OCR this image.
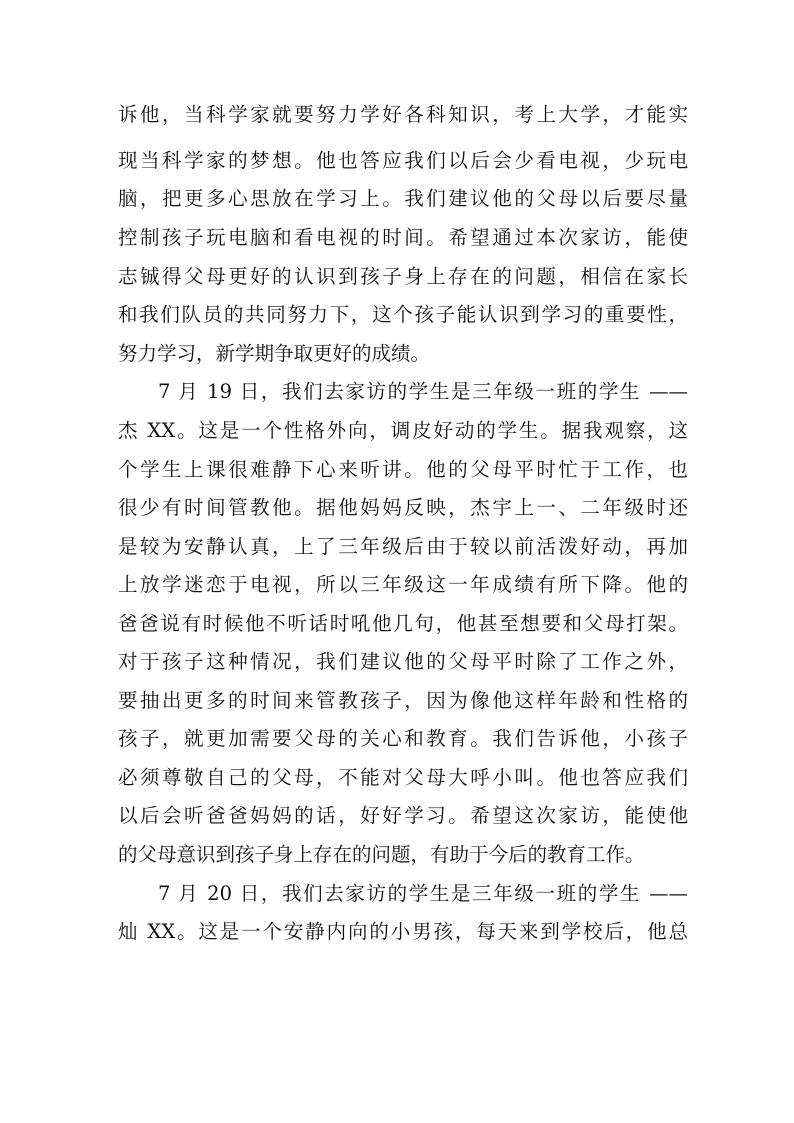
诉他，当科学家就要努力学好各科知识，考上大学，才能实
现当科学家的梦想。他也答应我们以后会少看电视，少玩电
脑，把更多心思放在学习上。我们建议他的父母以后要尽量
控制孩子玩电脑和看电视的时间。希望通过本次家访，能使
志铖得父母更好的认识到孩子身上存在的问题，相信在家长
和我们队员的共同努力下，这个孩子能认识到学习的重要性，
努力学习，新学期争取更好的成绩。
7 月 19 日，我们去家访的学生是三年级一班的学生 ——
杰 XX。这是一个性格外向，调皮好动的学生。据我观察，这
个学生上课很难静下心来听讲。他的父母平时忙于工作，也
很少有时间管教他。据他妈妈反映，杰宇上一、二年级时还
是较为安静认真，上了三年级后由于较以前活泼好动，再加
上放学迷恋于电视，所以三年级这一年成绩有所下降。他的
爸爸说有时候他不听话时吼他几句，他甚至想要和父母打架。
对于孩子这种情况，我们建议他的父母平时除了工作之外，
要抽出更多的时间来管教孩子，因为像他这样年龄和性格的
孩子，就更加需要父母的关心和教育。我们告诉他，小孩子
必须尊敬自己的父母，不能对父母大呼小叫。他也答应我们
以后会听爸爸妈妈的话，好好学习。希望这次家访，能使他
的父母意识到孩子身上存在的问题，有助于今后的教育工作。
7 月 20 日，我们去家访的学生是三年级一班的学生 ——
灿 XX。这是一个安静内向的小男孩，每天来到学校后，他总
